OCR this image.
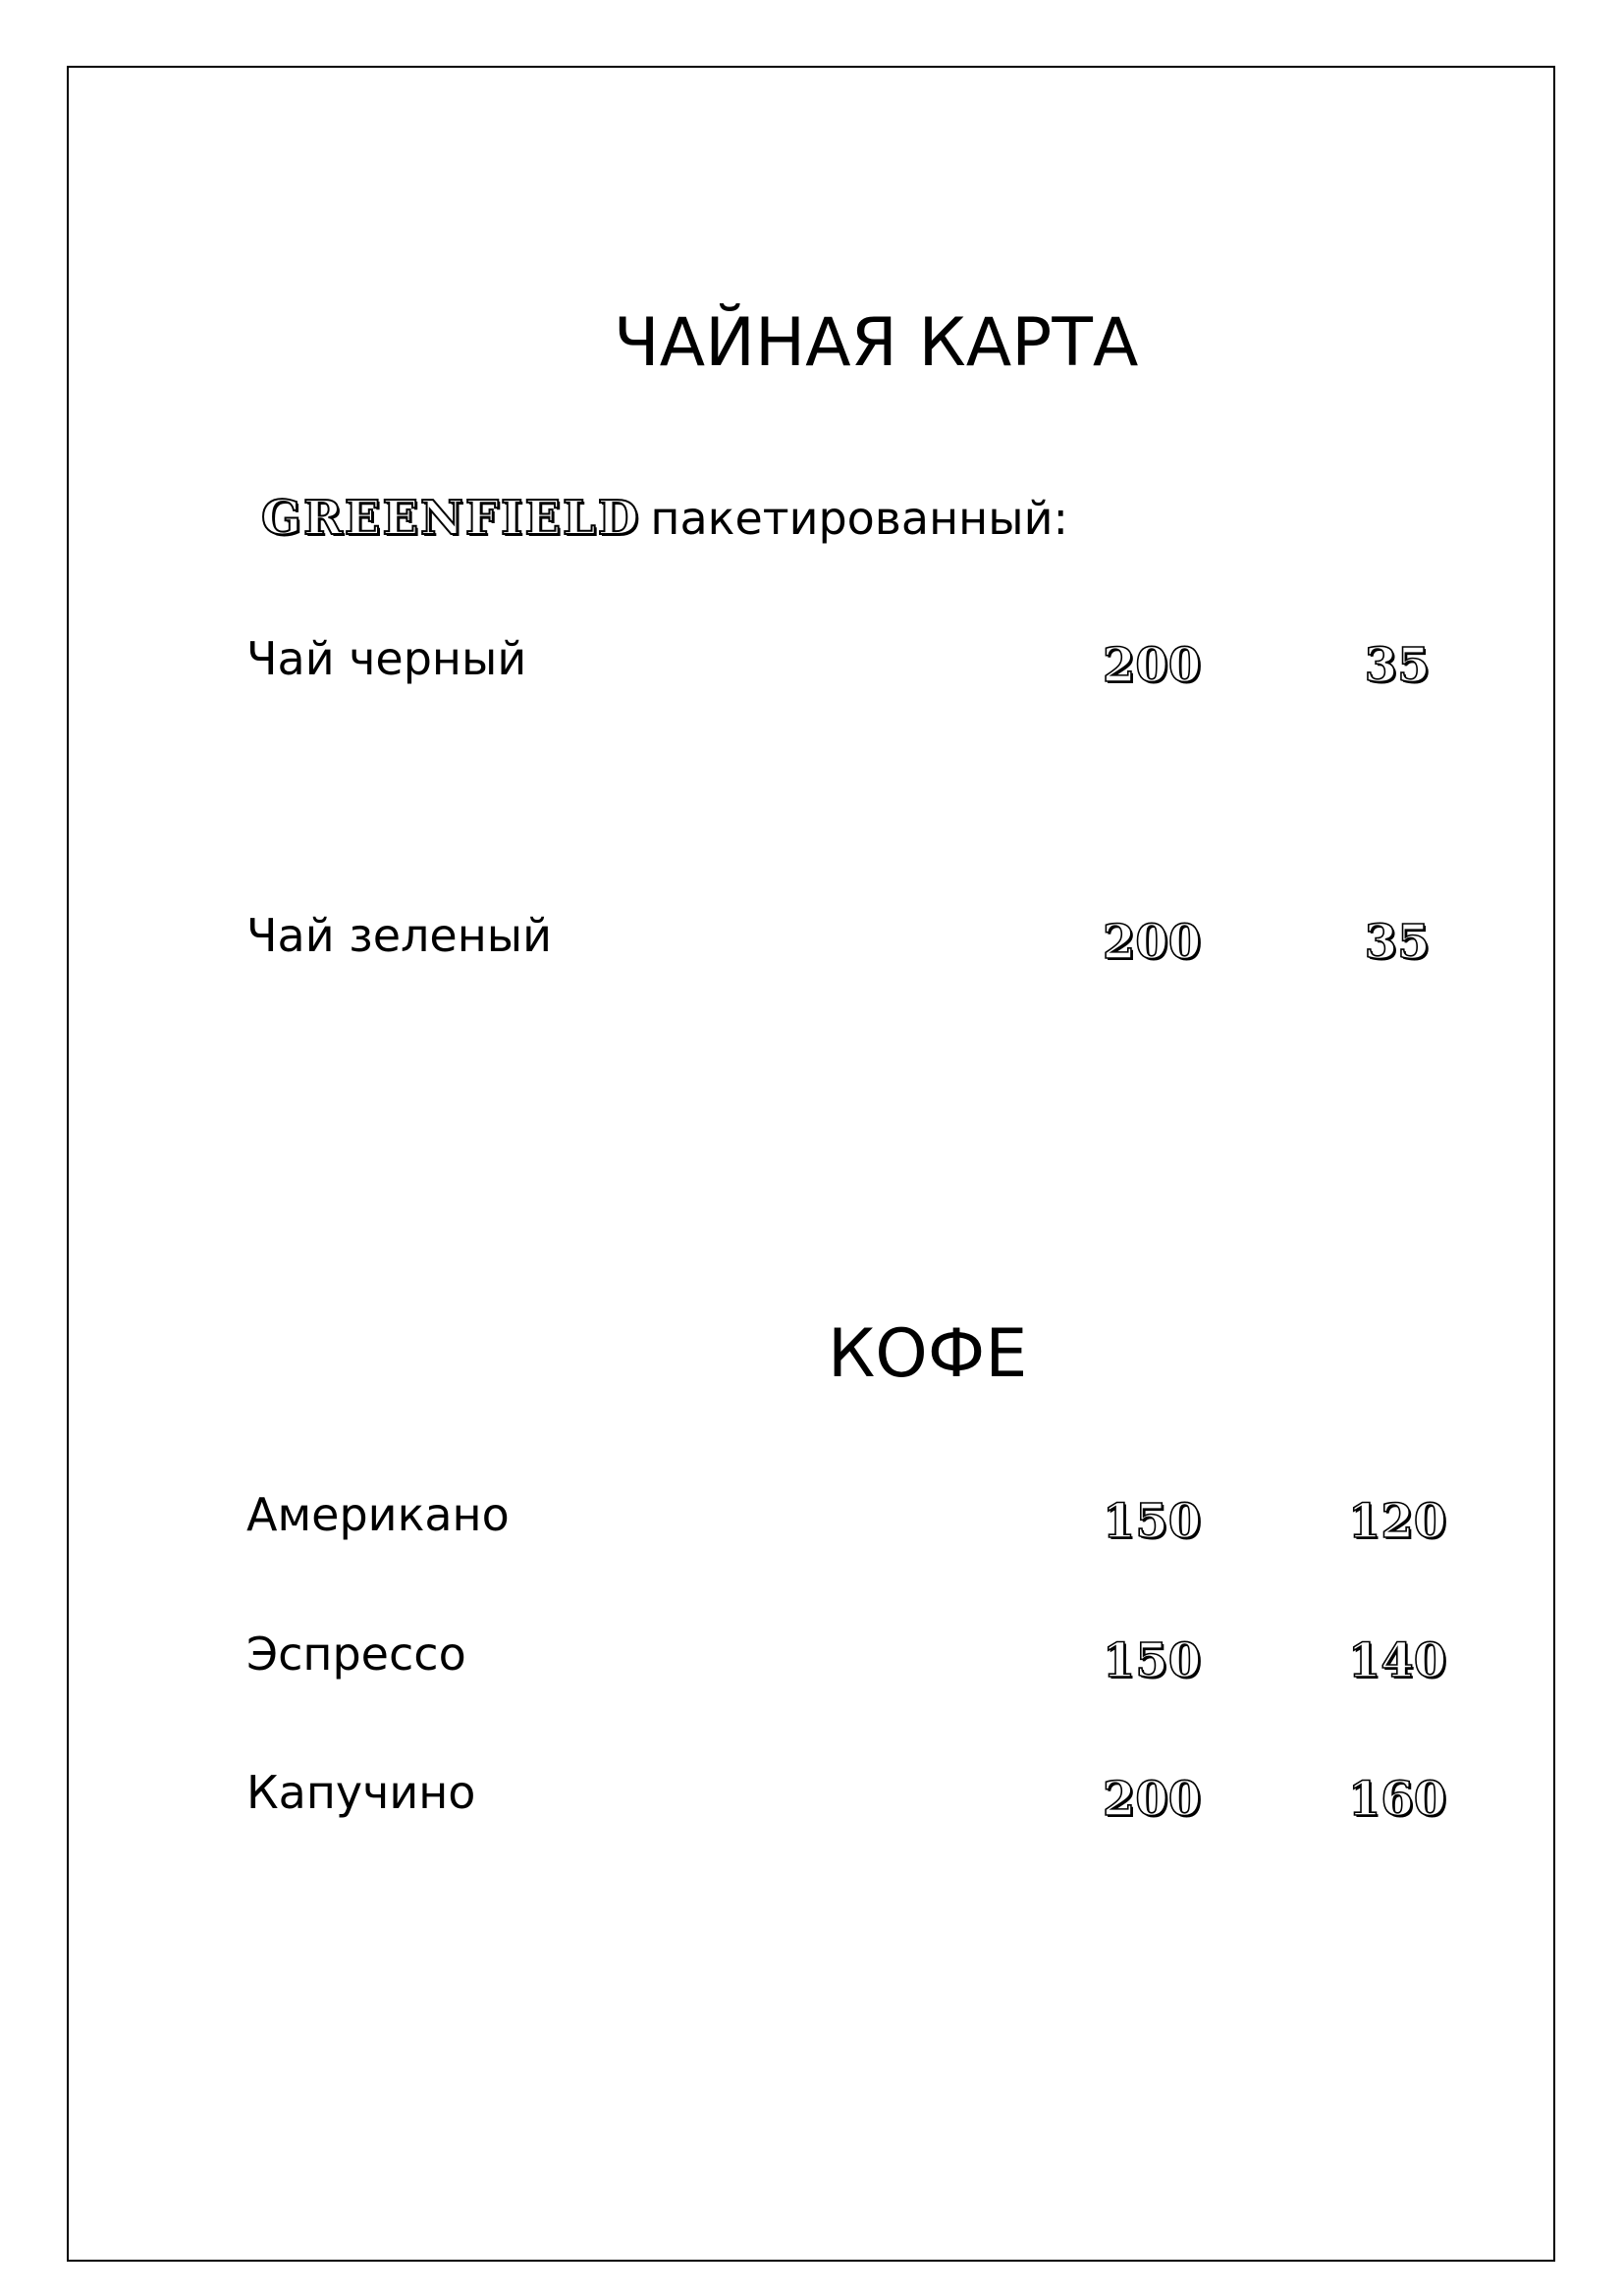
ЧАЙНАЯ КАРТА
GREENFIELD пакетированный:
Чай черный	200	35
Чай зеленый	200	35
КОФЕ
Американо	150	120
Эспрессо	150	140
Капучино	200	160
